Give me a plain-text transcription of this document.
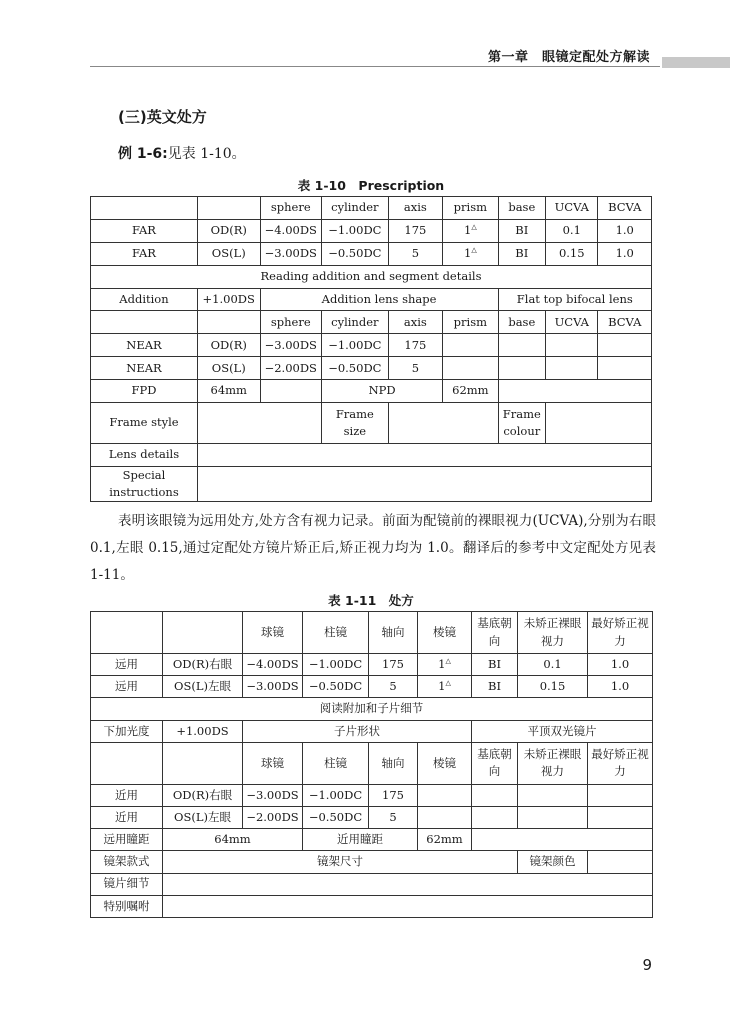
第一章　眼镜定配处方解读
(三)英文处方
例 1-6:见表 1-10。
表 1-10　Prescription
		sphere	cylinder	axis	prism	base	UCVA	BCVA
FAR	OD(R)	−4.00DS	−1.00DC	175	1△	BI	0.1	1.0
FAR	OS(L)	−3.00DS	−0.50DC	5	1△	BI	0.15	1.0
Reading addition and segment details								
Addition	+1.00DS	Addition lens shape				Flat top bifocal lens		
		sphere	cylinder	axis	prism	base	UCVA	BCVA
NEAR	OD(R)	−3.00DS	−1.00DC	175				
NEAR	OS(L)	−2.00DS	−0.50DC	5				
FPD	64mm		NPD		62mm			
Frame style			Frame size			Frame colour		
Lens details								
Special instructions								
表明该眼镜为远用处方,处方含有视力记录。前面为配镜前的裸眼视力(UCVA),分别为右眼 0.1,左眼 0.15,通过定配处方镜片矫正后,矫正视力均为 1.0。翻译后的参考中文定配处方见表 1-11。
表 1-11　处方
		球镜	柱镜	轴向	棱镜	基底朝向	未矫正裸眼视力	最好矫正视力
远用	OD(R)右眼	−4.00DS	−1.00DC	175	1△	BI	0.1	1.0
远用	OS(L)左眼	−3.00DS	−0.50DC	5	1△	BI	0.15	1.0
阅读附加和子片细节								
下加光度	+1.00DS	子片形状				平顶双光镜片		
		球镜	柱镜	轴向	棱镜	基底朝向	未矫正裸眼视力	最好矫正视力
近用	OD(R)右眼	−3.00DS	−1.00DC	175				
近用	OS(L)左眼	−2.00DS	−0.50DC	5				
远用瞳距	64mm		近用瞳距		62mm			
镜架款式	镜架尺寸						镜架颜色	
镜片细节								
特别嘱咐								
9
